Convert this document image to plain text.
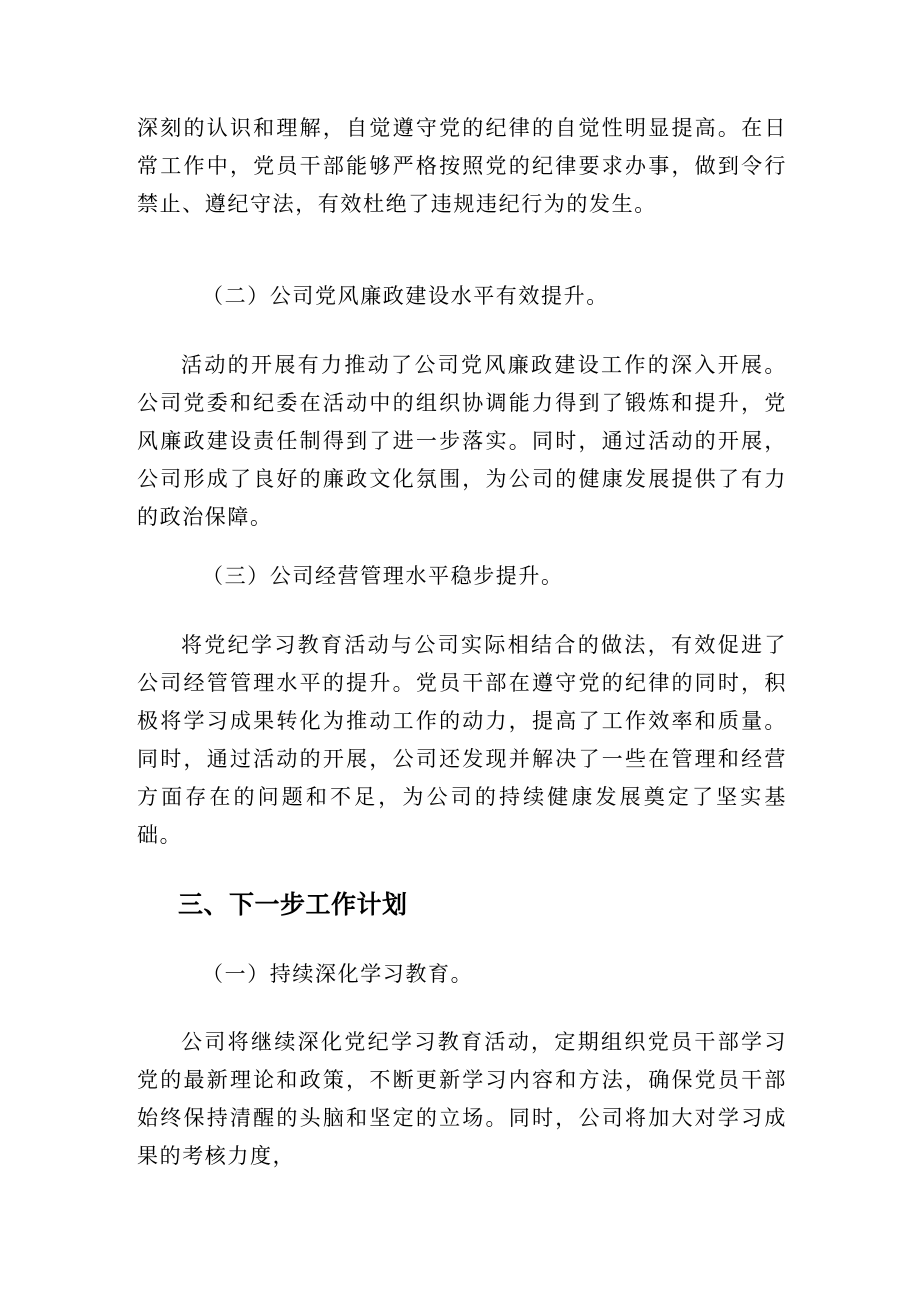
深刻的认识和理解，自觉遵守党的纪律的自觉性明显提高。在日常工作中，党员干部能够严格按照党的纪律要求办事，做到令行禁止、遵纪守法，有效杜绝了违规违纪行为的发生。

（二）公司党风廉政建设水平有效提升。

活动的开展有力推动了公司党风廉政建设工作的深入开展。公司党委和纪委在活动中的组织协调能力得到了锻炼和提升，党风廉政建设责任制得到了进一步落实。同时，通过活动的开展，公司形成了良好的廉政文化氛围，为公司的健康发展提供了有力的政治保障。

（三）公司经营管理水平稳步提升。

将党纪学习教育活动与公司实际相结合的做法，有效促进了公司经管管理水平的提升。党员干部在遵守党的纪律的同时，积极将学习成果转化为推动工作的动力，提高了工作效率和质量。同时，通过活动的开展，公司还发现并解决了一些在管理和经营方面存在的问题和不足，为公司的持续健康发展奠定了坚实基础。

三、下一步工作计划

（一）持续深化学习教育。

公司将继续深化党纪学习教育活动，定期组织党员干部学习党的最新理论和政策，不断更新学习内容和方法，确保党员干部始终保持清醒的头脑和坚定的立场。同时，公司将加大对学习成果的考核力度，
